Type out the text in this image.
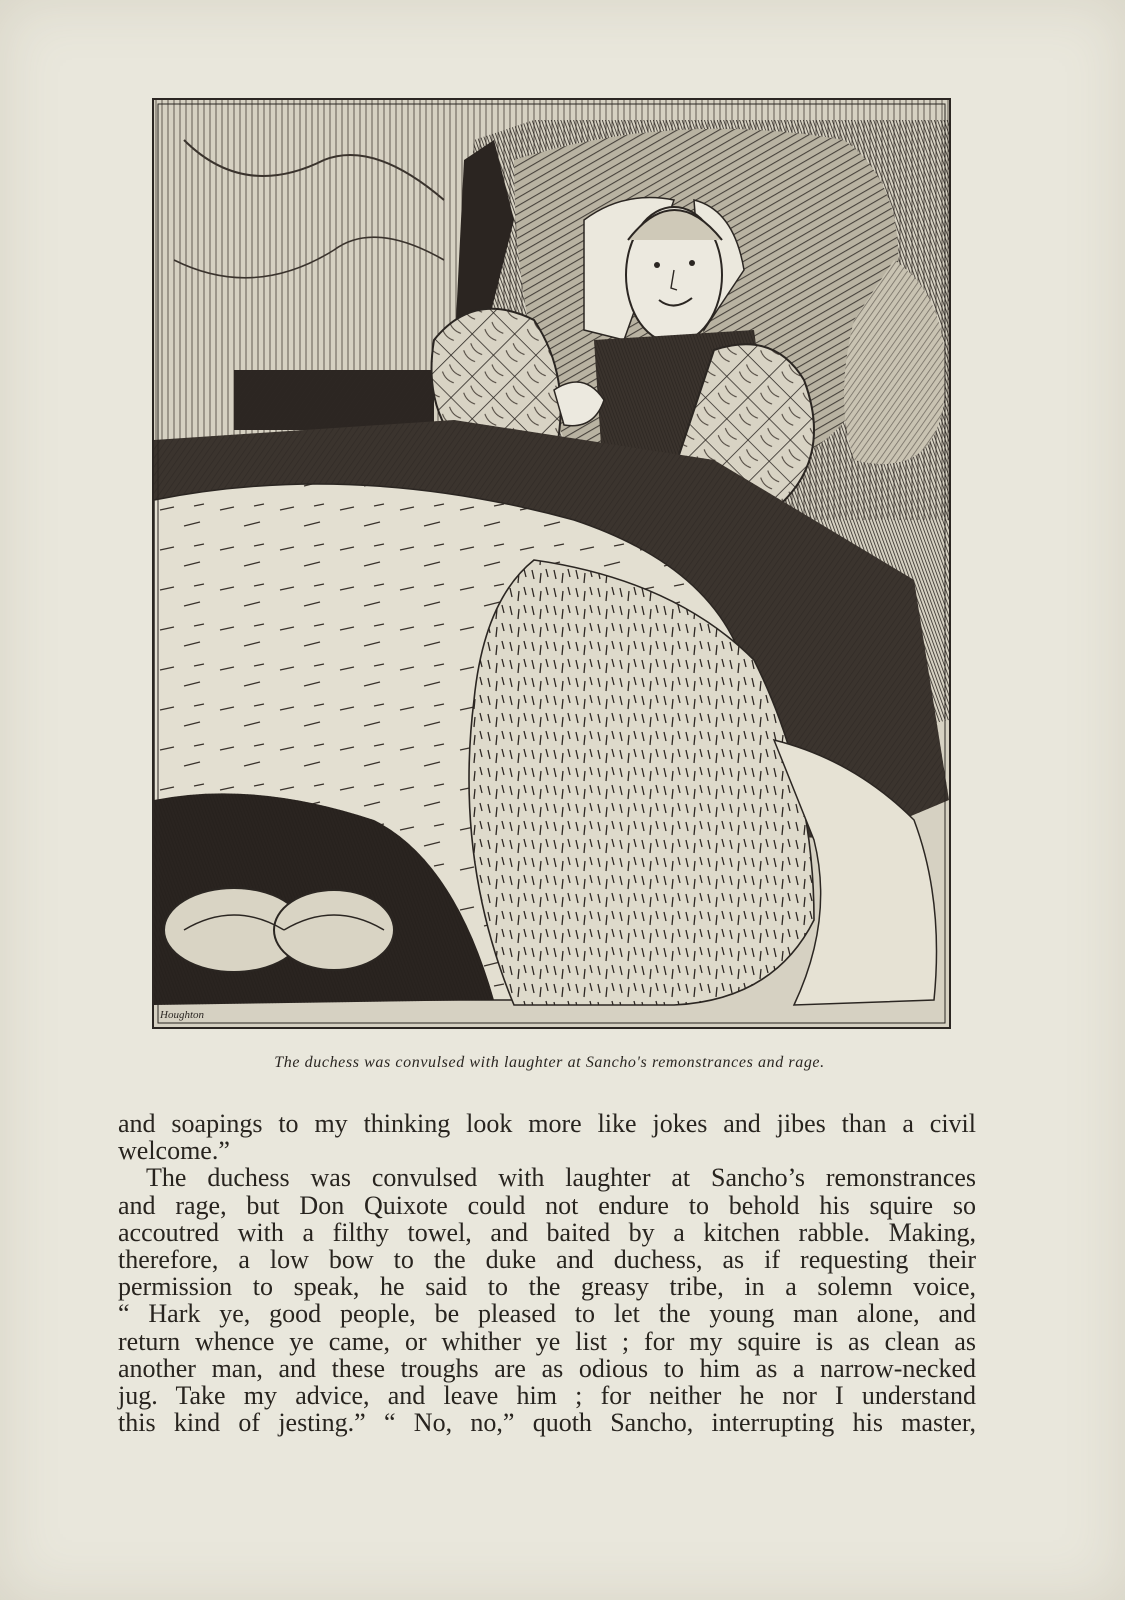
Houghton
The duchess was convulsed with laughter at Sancho's remonstrances and rage.
and soapings to my thinking look more like jokes and jibes than a civil
welcome.”
The duchess was convulsed with laughter at Sancho’s remonstrances
and rage, but Don Quixote could not endure to behold his squire so
accoutred with a filthy towel, and baited by a kitchen rabble. Making,
therefore, a low bow to the duke and duchess, as if requesting their
permission to speak, he said to the greasy tribe, in a solemn voice,
“ Hark ye, good people, be pleased to let the young man alone, and
return whence ye came, or whither ye list ; for my squire is as clean as
another man, and these troughs are as odious to him as a narrow-necked
jug. Take my advice, and leave him ; for neither he nor I understand
this kind of jesting.” “ No, no,” quoth Sancho, interrupting his master,
